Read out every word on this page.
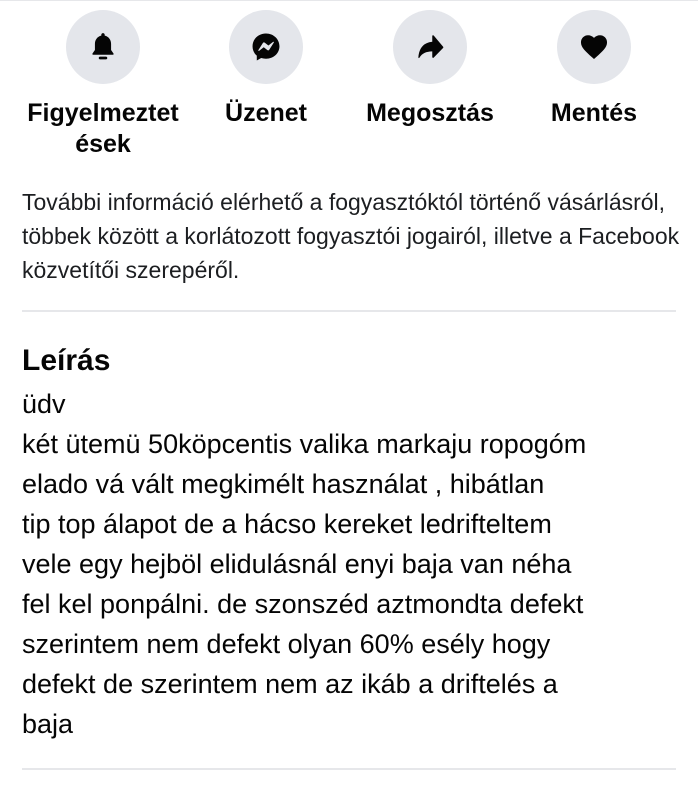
Figyelmeztet
ések
Üzenet	Megosztás	Mentés
További információ elérhető a fogyasztóktól történő vásárlásról, többek között a korlátozott fogyasztói jogairól, illetve a Facebook közvetítői szerepéről.
Leírás
üdv
két ütemü 50köpcentis valika markaju ropogóm
elado vá vált megkimélt használat , hibátlan
tip top álapot de a hácso kereket ledrifteltem
vele egy hejböl elidulásnál enyi baja van néha
fel kel ponpálni. de szonszéd aztmondta defekt
szerintem nem defekt olyan 60% esély hogy
defekt de szerintem nem az ikáb a driftelés a
baja
